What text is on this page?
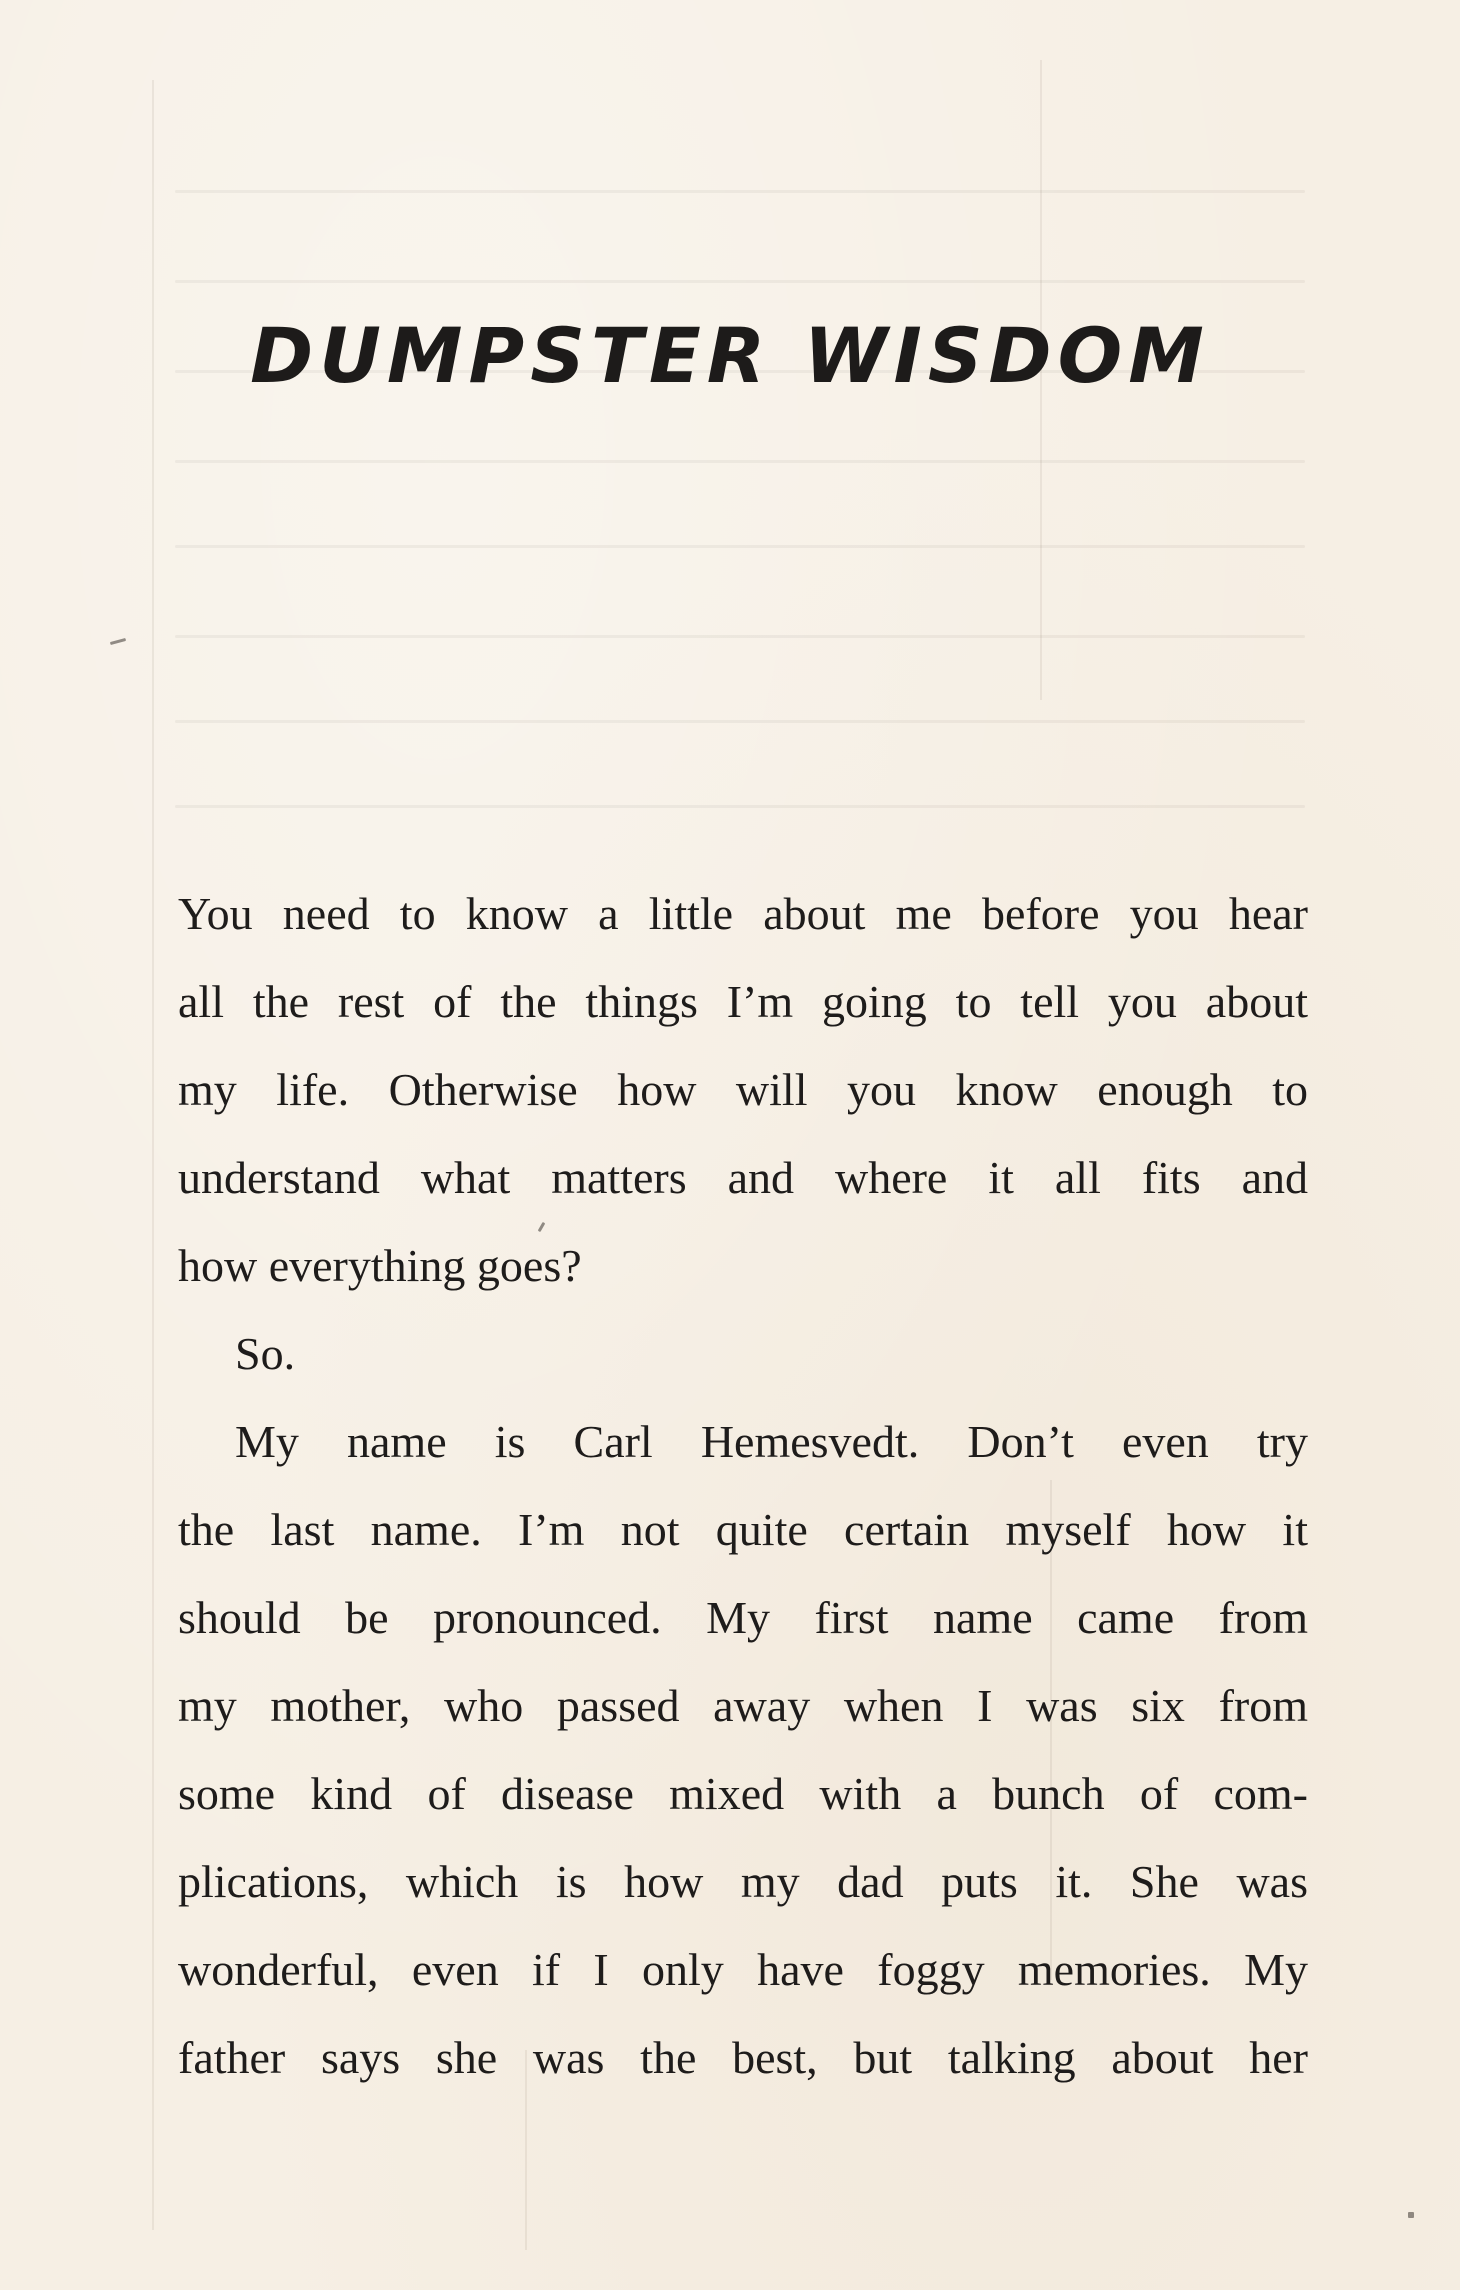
DUMPSTER WISDOM

You need to know a little about me before you hear

all the rest of the things I’m going to tell you about

my life. Otherwise how will you know enough to

understand what matters and where it all fits and

how everything goes?

So.

My name is Carl Hemesvedt. Don’t even try

the last name. I’m not quite certain myself how it

should be pronounced. My first name came from

my mother, who passed away when I was six from

some kind of disease mixed with a bunch of com-

plications, which is how my dad puts it. She was

wonderful, even if I only have foggy memories. My

father says she was the best, but talking about her
